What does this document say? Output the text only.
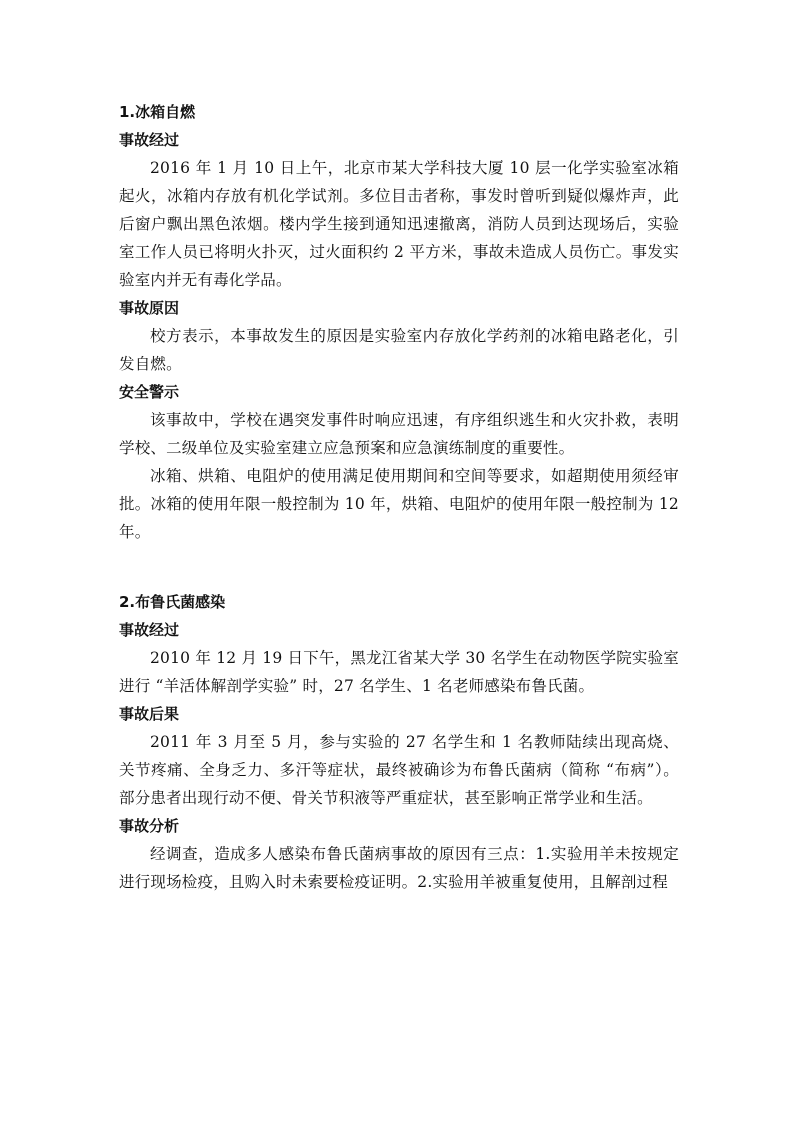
1.冰箱自燃
事故经过

2016 年 1 月 10 日上午，北京市某大学科技大厦 10 层一化学实验室冰箱起火，冰箱内存放有机化学试剂。多位目击者称，事发时曾听到疑似爆炸声，此后窗户飘出黑色浓烟。楼内学生接到通知迅速撤离，消防人员到达现场后，实验室工作人员已将明火扑灭，过火面积约 2 平方米，事故未造成人员伤亡。事发实验室内并无有毒化学品。

事故原因

校方表示，本事故发生的原因是实验室内存放化学药剂的冰箱电路老化，引发自燃。

安全警示

该事故中，学校在遇突发事件时响应迅速，有序组织逃生和火灾扑救，表明学校、二级单位及实验室建立应急预案和应急演练制度的重要性。

冰箱、烘箱、电阻炉的使用满足使用期间和空间等要求，如超期使用须经审批。冰箱的使用年限一般控制为 10 年，烘箱、电阻炉的使用年限一般控制为 12 年。

2.布鲁氏菌感染
事故经过

2010 年 12 月 19 日下午，黑龙江省某大学 30 名学生在动物医学院实验室进行 “羊活体解剖学实验” 时，27 名学生、1 名老师感染布鲁氏菌。

事故后果

2011 年 3 月至 5 月，参与实验的 27 名学生和 1 名教师陆续出现高烧、关节疼痛、全身乏力、多汗等症状，最终被确诊为布鲁氏菌病（简称 “布病”）。部分患者出现行动不便、骨关节积液等严重症状，甚至影响正常学业和生活。

事故分析

经调查，造成多人感染布鲁氏菌病事故的原因有三点：1.实验用羊未按规定进行现场检疫，且购入时未索要检疫证明。2.实验用羊被重复使用，且解剖过程
